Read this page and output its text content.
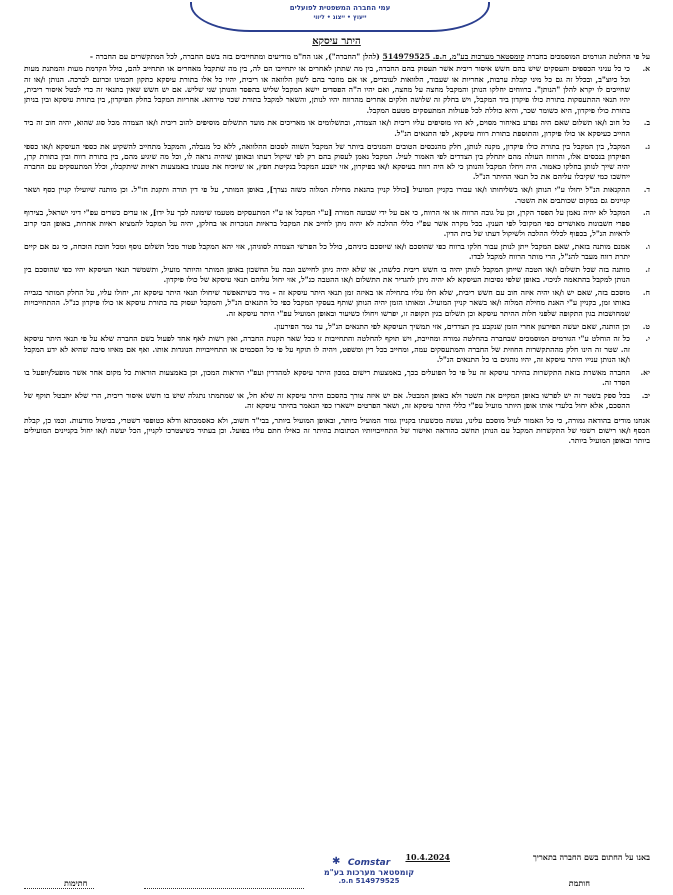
עמי החברה המשפטית לפועלים
ייעוץ • ייצוג • ליווי
היתר עיסקא

על פי החלטת הגורמים המוסמכים בחברת קומסטאר מערכות בע"מ, ח.פ. 514979525 (להלן "החברה"), אנו הח"מ מודיעים ומתחייבים בזה בשם החברה, לכל המתקשרים עם החברה -

א.
כי כל עניני הכספים והעסקים שיש בהם חשש איסור ריבית אשר תעסוק בהם החברה, בין מה שתתן לאחרים או יתחייבו הם לה, בין מה שתקבל מאחרים או תתחייב להם, כולל הקדמת מעות והמתנת מעות וכל כיוצ"ב, ובכלל זה גם כל מיני קבלת ערבות, אחריות או שעבוד, הלוואות לעובדים, או אם מוזכר בהם לשון הלוואה או ריבית, יהיו כל אלו בתורת עיסקא כתקון חכמינו זכרונם לברכה. הנותן ו/או זה שחייבים לו יקרא להלן "הנותן". ברווחים יחלקו הנותן והמקבל מחצה על מחצה, ואם יהיו ה"ה הפסדים יישא המקבל שליש בהפסד והנותן שני שליש. אם יש חשש שאין בתנאי זה כדי לבטל איסור ריבית, יהיו תנאי ההתעסקות בתורת כולו פיקדון ביד המקבל, ויש בחלק זה שלושה חלקים אחרים מהרווח יהיו לנותן, והשאר למקבל בתורת שכר טירחא. אחריות המקבל בחלק הפיקדון, בין בתורת עיסקא ובין בניתן בתורת כולו פיקדון, היא כשומר שכר, והיא כוללת לכל פעולות המתעסקים מטעם המקבל.
ב.
כל חוב ו/או תשלום שאם היה נפרע באיחור מסוים, לא היו מוסיפים עליו ריבית ו/או הצמדה, ובתשלומים או מאריכים את מועד התשלום מוסיפים להוב ריבית ו/או הצמדה מכל סוג שהוא, יהיה חוב זה ביד החייב כעיסקא או כולו פיקדון, והתוספת בתורת רווח עיסקא, לפי התנאים הנ"ל.
ג.
המקבל, בין המקבל בין בתורת כולו פיקדון, מקנה לנותן, חלק מהנכסים הטובים והמניבים ביותר של המקבל השווה לסכום ההלוואה, ללא כל מגבלה, והמקבל מתחייב להשקיע את כספי העיסקא ו/או כספי הפיקדון בנכסים אלו, והרווח העולה מהם יתחלק בין הצדדים לפי האמור לעיל. המקבל נאמן לעסוק בהם רק לפי שיקול דעתו ובאופן שיהיה נראה לו, וכל מה שיגיע מהם, בין בתורת רווח ובין בתורת קרן, יהיה שייך לנותן בחלקו כאמור. היה ויחלו המקבל והנותן כי לא היה רווח בעיסקא ו/או בפיקדון, אזי ישבע המקבל בנקיטת חפץ, או שיוכיח את טענתו באמצעות ראיות שיתקבלו, וכלל המתעסקים עם החברה ייחשבו כמי שקיבלו עליהם את כל תנאי ההיתר הנ"ל.
ד.
ההקנאות הנ"ל יחולו ע"י הנותן ו/או בשליחותו ו/או עבורו בקניין המועיל [כולל קניין בהנאת מחילת המלוה כשזה נצרך], באופן המותר, על פי דין תורה ותקנת חז"ל. וכן מותנה שיועילו קניין כסף ושאר קניינים גם במקום שכותבים את השטר.
ה.
המקבל לא יהיה נאמן על הפסד הקרן, וכן על גובה הרווח או אי הרווח, כי אם על ידי שבועה חמורה [ע"י המקבל או ע"י המתעסקים מטעמו שימונה לכך על ידו], או עדים כשרים עפ"י דיני ישראל, בצירוף ספרי חשבונות מאושרים כפי המקובל לפי הענין. בכל מקרה אשר עפ"י כללי ההלכה לא יהיה ניתן לחייב את המקבל בראיות הנזכרות או בחלקן, יהיה על המקבל להמציא ראיות אחרות, באופן הכי קרוב לראיות הנ"ל, בכפוף לכללי ההלכה ולשיקול דעתו של בית הדין.
ו.
אמנם מותנה בזאת, שאם המקבל ייתן לנותן עבור חלקו ברווח כפי שהוסכם ו/או שיוסכם ביניהם, כולל כל הפרשי הצמדה לסוגיהן, אזי יהא המקבל פטור מכל תשלום נוסף ומכל חובת הוכחה, כי גם אם קיים יתרת רווח מעבר להנ"ל, הרי מותר הרווח למקבל לבדו.
ז.
מותנה בזה שכל תשלום ו/או הטבה שייתן המקבל לנותן יהיה בו חשש ריבית כלשהו, או שלא יהיה ניתן לחיישב ונכה על החשבון באופן המותר והיותר מועיל, ותשמשר תנאי העיסקא יהיו כפי שהוסכם בין הנותן למקבל בהתאמה לניכוי. באופן שלפי נסיבות העיסקא לא יהיה ניתן להגדיר את התשלום ו/או ההטבה כנ"ל, אזי יחול עליהם תנאי עיסקא של כולו פיקדון.
ח.
מוסכם בזה, שאם יש ו/או יהיה איזה חוב עם חשש ריבית, שלא חלו עליו בתחילה או באיזה זמן תנאי היתר עיסקא זה - מיד כשיתאפשר שיחולו תנאי היתר עיסקא זה, יחולו עליו, על החלק המותר בגבייה באותו זמן, בקניין ע"י האנת מחילת המלוה ו/או בשאר קניין המועיל. ומאותו הזמן יהיה הנותן שותף בעסקי המקבל כפי כל התנאים הנ"ל, והמקבל יעסוק בה בתורת עיסקא או כולו פיקדון כנ"ל. ההתחייבויות שמחושבות בגין התקופה שלפני חלות ההיתר עיסקא וכן תשלום בגין תקופה זו, יפרשו ויחולו כשיעור ובאופן המועיל עפ"י היתר עיסקא זה.
ט.
וכן הותנה, שאם יעשה הפירעון אחרי הזמן שנקבע בין הצדדים, אזי תמשיך העיסקא לפי התנאים הנ"ל, עד גמר הפירעון.
י.
כל זה הוחלט ע"י הגורמים המוסמכים שבחברה בהחלטה גמורה ומחייבת, ויש תוקף להחלטה והתחייבות זו ככל שאר תקנות החברה, ואין רשות לאף אחד לפעול בשם החברה שלא על פי תנאי היתר עיסקא זה. שטר זה הינו חלק מההתקשרות החוזית של החברה והמתעסקים עמה, ומחייב בכל דין ומשפט, ויהיה לו תוקף על פי כל הסכמים או התחייבויות הנוגדות אותו. ואף אם מאיזו סיבה שהיא לא ידע המקבל ו/או הנותן ענייו היתר עיסקא זה, יהיו נוהגים בו כל התנאים הנ"ל.
יא.
החברה מאשרת בזאת התקשרות בהיתר עיסקא זה על פי כל הפועלים בכך, באמצעות רישום במכון היתר עיסקא למהדרין ועפ"י הוראות המכון, וכן באמצעות הוראות כל מקום אחר אשר מופעל/יופעל בו הסדר זה.
יב.
בכל ספק בשטר זה יש לפרשו באופן המקיים את השטר ולא באופן המבטל. אם יש איזה צורך בהסכם היתר עיסקא זה שלא חל, או שמתמתו נתגלה שיש בו חשש איסור ריבית, הרי שלא יתבטל תוקף של ההסכם, אלא יחול בלעדי אותו אופן היותר מועיל עפ"י כללי היתר עיסקא זה, ושאר הפרטים יישארו כפי הנאמר בהיתר עיסקא זה.

אנחנו מודים בהודאה גמורה, כי כל האמור לעיל מוסכם עלינו, נעשה מכשעתו בקניין גמור המועיל ביותר, ובאופן המועיל ביותר, בבי"ד חשוב, ולא כאסמכתא ודלא כטופסי דשטרי, בביטול מודעות. וכמו כן, קבלת הכסף ו/או רישום רשמי של התקשרות המקבל עם הנותן תחשב כהודאה ואישור של התחייבויותיו הכתובות בהיתר זה כאילו חתם עליו בפועל. וכן בעתיד כשיצטרכו לקניין, הכל יעשה ו/או יחול בקניינים המועילים ביותר ובאופן המועיל ביותר.

באנו על החתום בשם החברה בתאריך
10.4.2024
חותמת
חתימות
✱ Comstar
קומסטאר מערכות בע"מ
514979525 ח.פ.
